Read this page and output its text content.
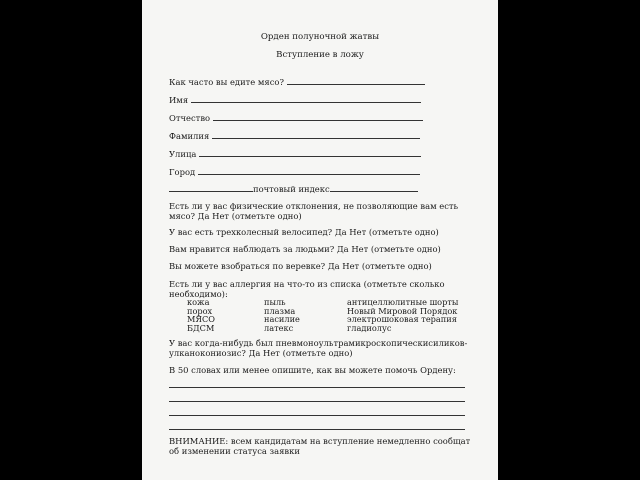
Орден полуночной жатвы
Вступление в ложу
Как часто вы едите мясо?
Имя
Отчество
Фамилия
Улица
Город
почтовый индекс
Есть ли у вас физические отклонения, не позволяющие вам есть мясо? Да Нет (отметьте одно)
У вас есть трехколесный велосипед? Да Нет (отметьте одно)
Вам нравится наблюдать за людьми? Да Нет (отметьте одно)
Вы можете взобраться по веревке? Да Нет (отметьте одно)
Есть ли у вас аллергия на что-то из списка (отметьте сколько необходимо):
кожа	пыль	антицеллюлитные шорты
порох	плазма	Новый Мировой Порядок
МЯСО	насилие	электрошоковая терапия
БДСМ	латекс	гладиолус
У вас когда-нибудь был пневмоноультрамикроскопическисиликов-улканокониозис? Да Нет (отметьте одно)
В 50 словах или менее опишите, как вы можете помочь Ордену:
ВНИМАНИЕ: всем кандидатам на вступление немедленно сообщат об изменении статуса заявки
